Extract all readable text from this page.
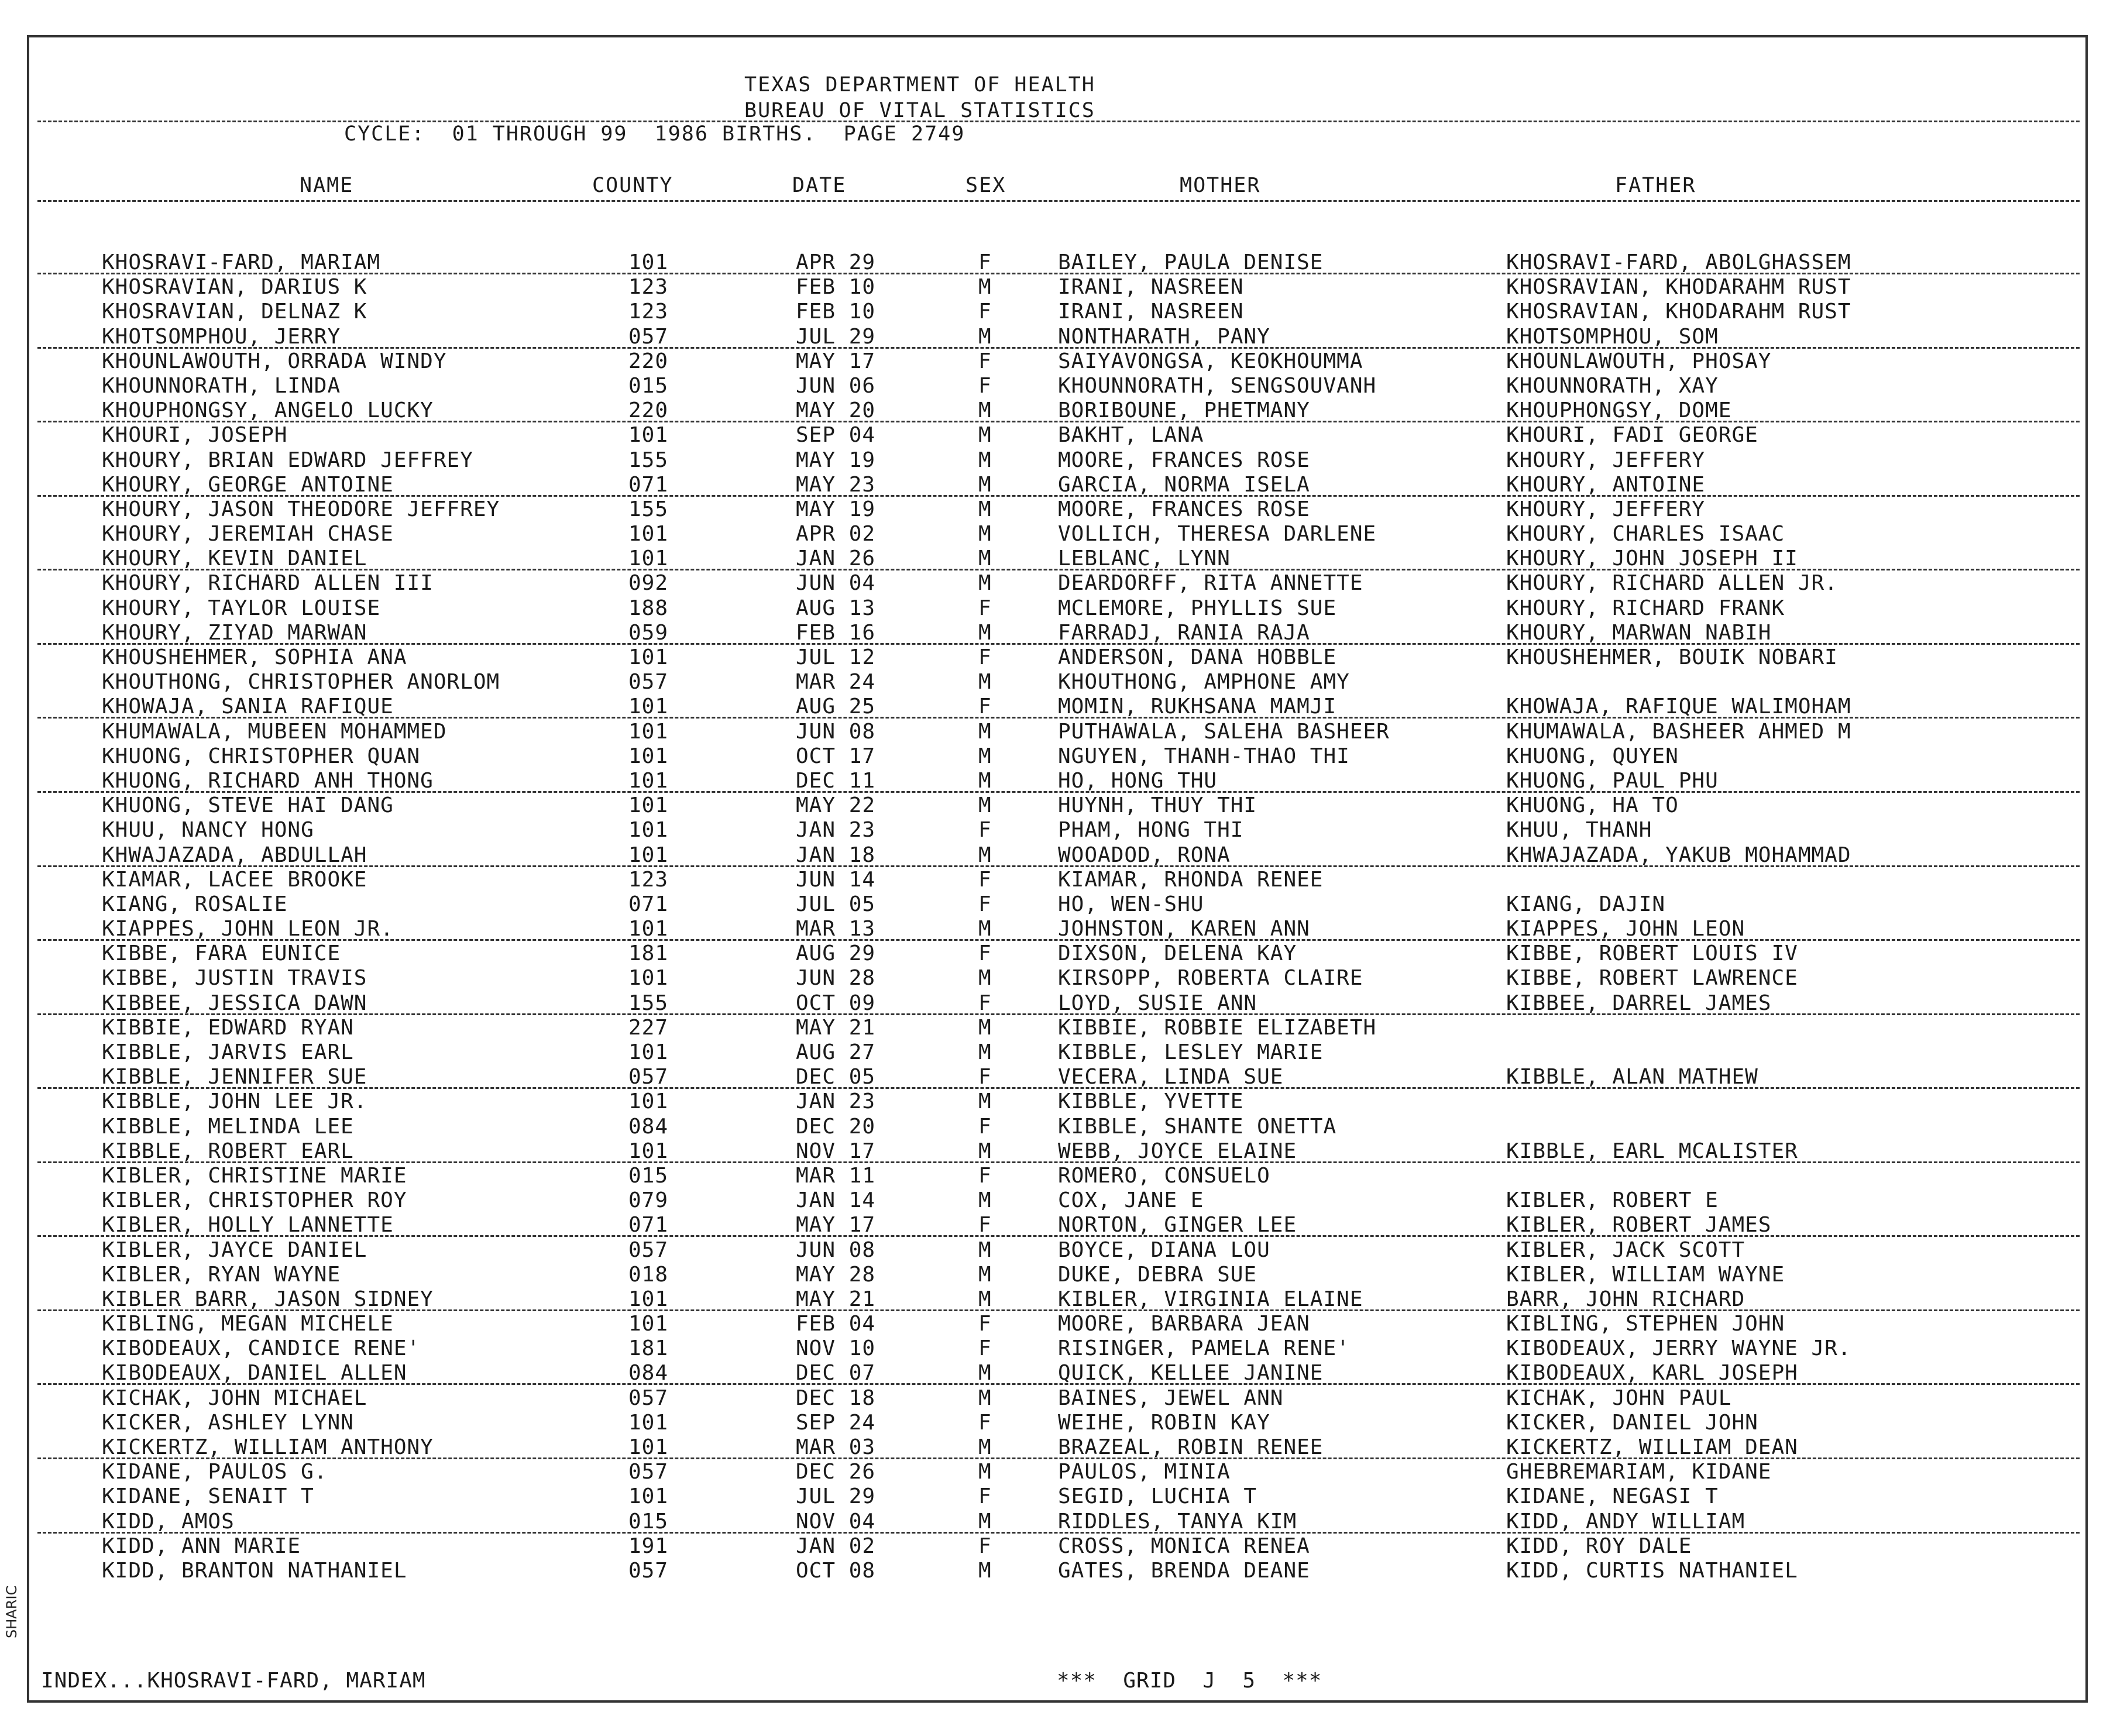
TEXAS DEPARTMENT OF HEALTH
BUREAU OF VITAL STATISTICS
CYCLE:  01 THROUGH 99  1986 BIRTHS.  PAGE 2749
NAME	COUNTY	DATE	SEX	MOTHER	FATHER
KHOSRAVI-FARD, MARIAM	101	APR 29	F	BAILEY, PAULA DENISE	KHOSRAVI-FARD, ABOLGHASSEM
KHOSRAVIAN, DARIUS K	123	FEB 10	M	IRANI, NASREEN	KHOSRAVIAN, KHODARAHM RUST
KHOSRAVIAN, DELNAZ K	123	FEB 10	F	IRANI, NASREEN	KHOSRAVIAN, KHODARAHM RUST
KHOTSOMPHOU, JERRY	057	JUL 29	M	NONTHARATH, PANY	KHOTSOMPHOU, SOM
KHOUNLAWOUTH, ORRADA WINDY	220	MAY 17	F	SAIYAVONGSA, KEOKHOUMMA	KHOUNLAWOUTH, PHOSAY
KHOUNNORATH, LINDA	015	JUN 06	F	KHOUNNORATH, SENGSOUVANH	KHOUNNORATH, XAY
KHOUPHONGSY, ANGELO LUCKY	220	MAY 20	M	BORIBOUNE, PHETMANY	KHOUPHONGSY, DOME
KHOURI, JOSEPH	101	SEP 04	M	BAKHT, LANA	KHOURI, FADI GEORGE
KHOURY, BRIAN EDWARD JEFFREY	155	MAY 19	M	MOORE, FRANCES ROSE	KHOURY, JEFFERY
KHOURY, GEORGE ANTOINE	071	MAY 23	M	GARCIA, NORMA ISELA	KHOURY, ANTOINE
KHOURY, JASON THEODORE JEFFREY	155	MAY 19	M	MOORE, FRANCES ROSE	KHOURY, JEFFERY
KHOURY, JEREMIAH CHASE	101	APR 02	M	VOLLICH, THERESA DARLENE	KHOURY, CHARLES ISAAC
KHOURY, KEVIN DANIEL	101	JAN 26	M	LEBLANC, LYNN	KHOURY, JOHN JOSEPH II
KHOURY, RICHARD ALLEN III	092	JUN 04	M	DEARDORFF, RITA ANNETTE	KHOURY, RICHARD ALLEN JR.
KHOURY, TAYLOR LOUISE	188	AUG 13	F	MCLEMORE, PHYLLIS SUE	KHOURY, RICHARD FRANK
KHOURY, ZIYAD MARWAN	059	FEB 16	M	FARRADJ, RANIA RAJA	KHOURY, MARWAN NABIH
KHOUSHEHMER, SOPHIA ANA	101	JUL 12	F	ANDERSON, DANA HOBBLE	KHOUSHEHMER, BOUIK NOBARI
KHOUTHONG, CHRISTOPHER ANORLOM	057	MAR 24	M	KHOUTHONG, AMPHONE AMY
KHOWAJA, SANIA RAFIQUE	101	AUG 25	F	MOMIN, RUKHSANA MAMJI	KHOWAJA, RAFIQUE WALIMOHAM
KHUMAWALA, MUBEEN MOHAMMED	101	JUN 08	M	PUTHAWALA, SALEHA BASHEER	KHUMAWALA, BASHEER AHMED M
KHUONG, CHRISTOPHER QUAN	101	OCT 17	M	NGUYEN, THANH-THAO THI	KHUONG, QUYEN
KHUONG, RICHARD ANH THONG	101	DEC 11	M	HO, HONG THU	KHUONG, PAUL PHU
KHUONG, STEVE HAI DANG	101	MAY 22	M	HUYNH, THUY THI	KHUONG, HA TO
KHUU, NANCY HONG	101	JAN 23	F	PHAM, HONG THI	KHUU, THANH
KHWAJAZADA, ABDULLAH	101	JAN 18	M	WOOADOD, RONA	KHWAJAZADA, YAKUB MOHAMMAD
KIAMAR, LACEE BROOKE	123	JUN 14	F	KIAMAR, RHONDA RENEE
KIANG, ROSALIE	071	JUL 05	F	HO, WEN-SHU	KIANG, DAJIN
KIAPPES, JOHN LEON JR.	101	MAR 13	M	JOHNSTON, KAREN ANN	KIAPPES, JOHN LEON
KIBBE, FARA EUNICE	181	AUG 29	F	DIXSON, DELENA KAY	KIBBE, ROBERT LOUIS IV
KIBBE, JUSTIN TRAVIS	101	JUN 28	M	KIRSOPP, ROBERTA CLAIRE	KIBBE, ROBERT LAWRENCE
KIBBEE, JESSICA DAWN	155	OCT 09	F	LOYD, SUSIE ANN	KIBBEE, DARREL JAMES
KIBBIE, EDWARD RYAN	227	MAY 21	M	KIBBIE, ROBBIE ELIZABETH
KIBBLE, JARVIS EARL	101	AUG 27	M	KIBBLE, LESLEY MARIE
KIBBLE, JENNIFER SUE	057	DEC 05	F	VECERA, LINDA SUE	KIBBLE, ALAN MATHEW
KIBBLE, JOHN LEE JR.	101	JAN 23	M	KIBBLE, YVETTE
KIBBLE, MELINDA LEE	084	DEC 20	F	KIBBLE, SHANTE ONETTA
KIBBLE, ROBERT EARL	101	NOV 17	M	WEBB, JOYCE ELAINE	KIBBLE, EARL MCALISTER
KIBLER, CHRISTINE MARIE	015	MAR 11	F	ROMERO, CONSUELO
KIBLER, CHRISTOPHER ROY	079	JAN 14	M	COX, JANE E	KIBLER, ROBERT E
KIBLER, HOLLY LANNETTE	071	MAY 17	F	NORTON, GINGER LEE	KIBLER, ROBERT JAMES
KIBLER, JAYCE DANIEL	057	JUN 08	M	BOYCE, DIANA LOU	KIBLER, JACK SCOTT
KIBLER, RYAN WAYNE	018	MAY 28	M	DUKE, DEBRA SUE	KIBLER, WILLIAM WAYNE
KIBLER BARR, JASON SIDNEY	101	MAY 21	M	KIBLER, VIRGINIA ELAINE	BARR, JOHN RICHARD
KIBLING, MEGAN MICHELE	101	FEB 04	F	MOORE, BARBARA JEAN	KIBLING, STEPHEN JOHN
KIBODEAUX, CANDICE RENE'	181	NOV 10	F	RISINGER, PAMELA RENE'	KIBODEAUX, JERRY WAYNE JR.
KIBODEAUX, DANIEL ALLEN	084	DEC 07	M	QUICK, KELLEE JANINE	KIBODEAUX, KARL JOSEPH
KICHAK, JOHN MICHAEL	057	DEC 18	M	BAINES, JEWEL ANN	KICHAK, JOHN PAUL
KICKER, ASHLEY LYNN	101	SEP 24	F	WEIHE, ROBIN KAY	KICKER, DANIEL JOHN
KICKERTZ, WILLIAM ANTHONY	101	MAR 03	M	BRAZEAL, ROBIN RENEE	KICKERTZ, WILLIAM DEAN
KIDANE, PAULOS G.	057	DEC 26	M	PAULOS, MINIA	GHEBREMARIAM, KIDANE
KIDANE, SENAIT T	101	JUL 29	F	SEGID, LUCHIA T	KIDANE, NEGASI T
KIDD, AMOS	015	NOV 04	M	RIDDLES, TANYA KIM	KIDD, ANDY WILLIAM
KIDD, ANN MARIE	191	JAN 02	F	CROSS, MONICA RENEA	KIDD, ROY DALE
KIDD, BRANTON NATHANIEL	057	OCT 08	M	GATES, BRENDA DEANE	KIDD, CURTIS NATHANIEL
INDEX...KHOSRAVI-FARD, MARIAM	***  GRID  J  5  ***
SHARIC
